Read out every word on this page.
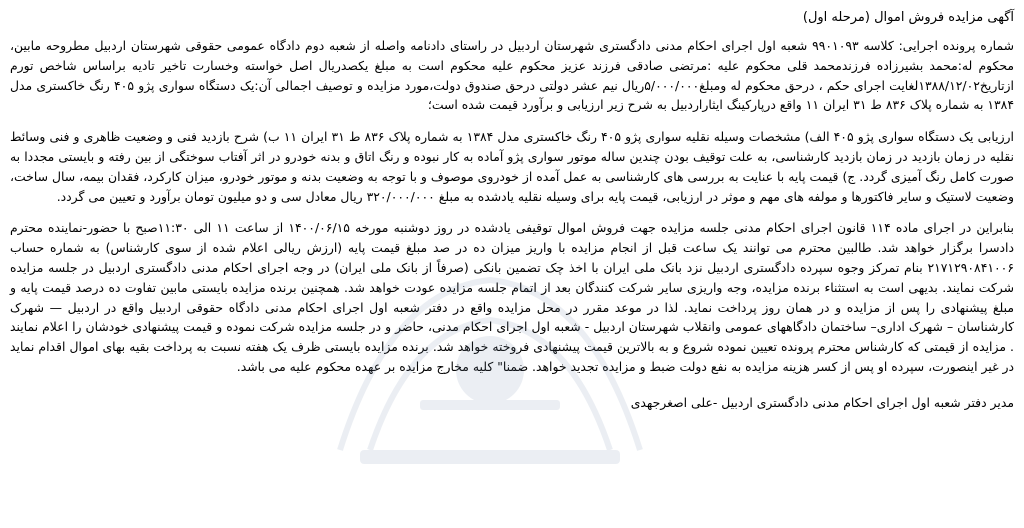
آگهی مزایده فروش اموال (مرحله اول)

شماره پرونده اجرایی: کلاسه ۹۹۰۱۰۹۳ شعبه اول اجرای احکام مدنی دادگستری شهرستان اردبیل در راستای دادنامه واصله از شعبه دوم دادگاه عمومی حقوقی شهرستان اردبیل مطروحه مابین، محکوم له:محمد بشیرزاده فرزندمحمد قلی محکوم علیه :مرتضی صادقی فرزند عزیز محکوم علیه محکوم است به مبلغ یکصدریال اصل خواسته وخسارت تاخیر تادیه براساس شاخص تورم ازتاریخ۱۳۸۸/۱۲/۰۲لغایت اجرای حکم ، درحق محکوم له ومبلغ۵/۰۰۰/۰۰۰ریال نیم عشر دولتی درحق صندوق دولت،مورد مزایده و توصیف اجمالی آن:یک دستگاه سواری پژو ۴۰۵ رنگ خاکستری مدل ۱۳۸۴ به شماره پلاک ۸۳۶ ط ۳۱ ایران ۱۱ واقع درپارکینگ ایثاراردبیل به شرح زیر ارزیابی و برآورد قیمت شده است؛

ارزیابی یک دستگاه سواری پژو ۴۰۵ الف) مشخصات وسیله نقلیه سواری پژو ۴۰۵ رنگ خاکستری مدل ۱۳۸۴ به شماره پلاک ۸۳۶ ط ۳۱ ایران ۱۱ ب) شرح بازدید فنی و وضعیت ظاهری و فنی وسائط نقلیه در زمان بازدید در زمان بازدید کارشناسی، به علت توقیف بودن چندین ساله موتور سواری پژو آماده به کار نبوده و رنگ اتاق و بدنه خودرو در اثر آفتاب سوختگی از بین رفته و بایستی مجددا به صورت کامل رنگ آمیزی گردد. ج) قیمت پایه با عنایت به بررسی های کارشناسی به عمل آمده از خودروی موصوف و با توجه به وضعیت بدنه و موتور خودرو، میزان کارکرد، فقدان بیمه، سال ساخت، وضعیت لاستیک و سایر فاکتورها و مولفه های مهم و موثر در ارزیابی، قیمت پایه برای وسیله نقلیه یادشده به مبلغ ۳۲۰/۰۰۰/۰۰۰ ریال معادل سی و دو میلیون تومان برآورد و تعیین می گردد.

بنابراین در اجرای ماده ۱۱۴ قانون اجرای احکام مدنی جلسه مزایده جهت فروش اموال توقیفی یادشده در روز دوشنبه مورخه ۱۴۰۰/۰۶/۱۵ از ساعت ۱۱ الی ۱۱:۳۰صبح با حضور-نماینده محترم دادسرا برگزار خواهد شد. طالبین محترم می توانند یک ساعت قبل از انجام مزایده با واریز میزان ده در صد مبلغ قیمت پایه (ارزش ریالی اعلام شده از سوی کارشناس) به شماره حساب ۲۱۷۱۲۹۰۸۴۱۰۰۶ بنام تمرکز وجوه سپرده دادگستری اردبیل نزد بانک ملی ایران با اخذ چک تضمین بانکی (صرفاً از بانک ملی ایران) در وجه اجرای احکام مدنی دادگستری اردبیل در جلسه مزایده شرکت نمایند. بدیهی است به استثناء برنده مزایده، وجه واریزی سایر شرکت کنندگان بعد از اتمام جلسه مزایده عودت خواهد شد. همچنین برنده مزایده بایستی مابین تفاوت ده درصد قیمت پایه و مبلغ پیشنهادی را پس از مزایده و در همان روز پرداخت نماید. لذا در موعد مقرر در محل مزایده واقع در دفتر شعبه اول اجرای احکام مدنی دادگاه حقوقی اردبیل واقع در اردبیل — شهرک کارشناسان – شهرک اداری– ساختمان دادگاههای عمومی وانقلاب شهرستان اردبیل - شعبه اول اجرای احکام مدنی، حاضر و در جلسه مزایده شرکت نموده و قیمت پیشنهادی خودشان را اعلام نمایند . مزایده از قیمتی که کارشناس محترم پرونده تعیین نموده شروع و به بالاترین قیمت پیشنهادی فروخته خواهد شد. برنده مزایده بایستی ظرف یک هفته نسبت به پرداخت بقیه بهای اموال اقدام نماید در غیر اینصورت، سپرده او پس از کسر هزینه مزایده به نفع دولت ضبط و مزایده تجدید خواهد. ضمنا" کلیه مخارج مزایده بر عهده محکوم علیه می باشد.

مدیر دفتر شعبه اول اجرای احکام مدنی دادگستری اردبیل -علی اصغرجهدی
